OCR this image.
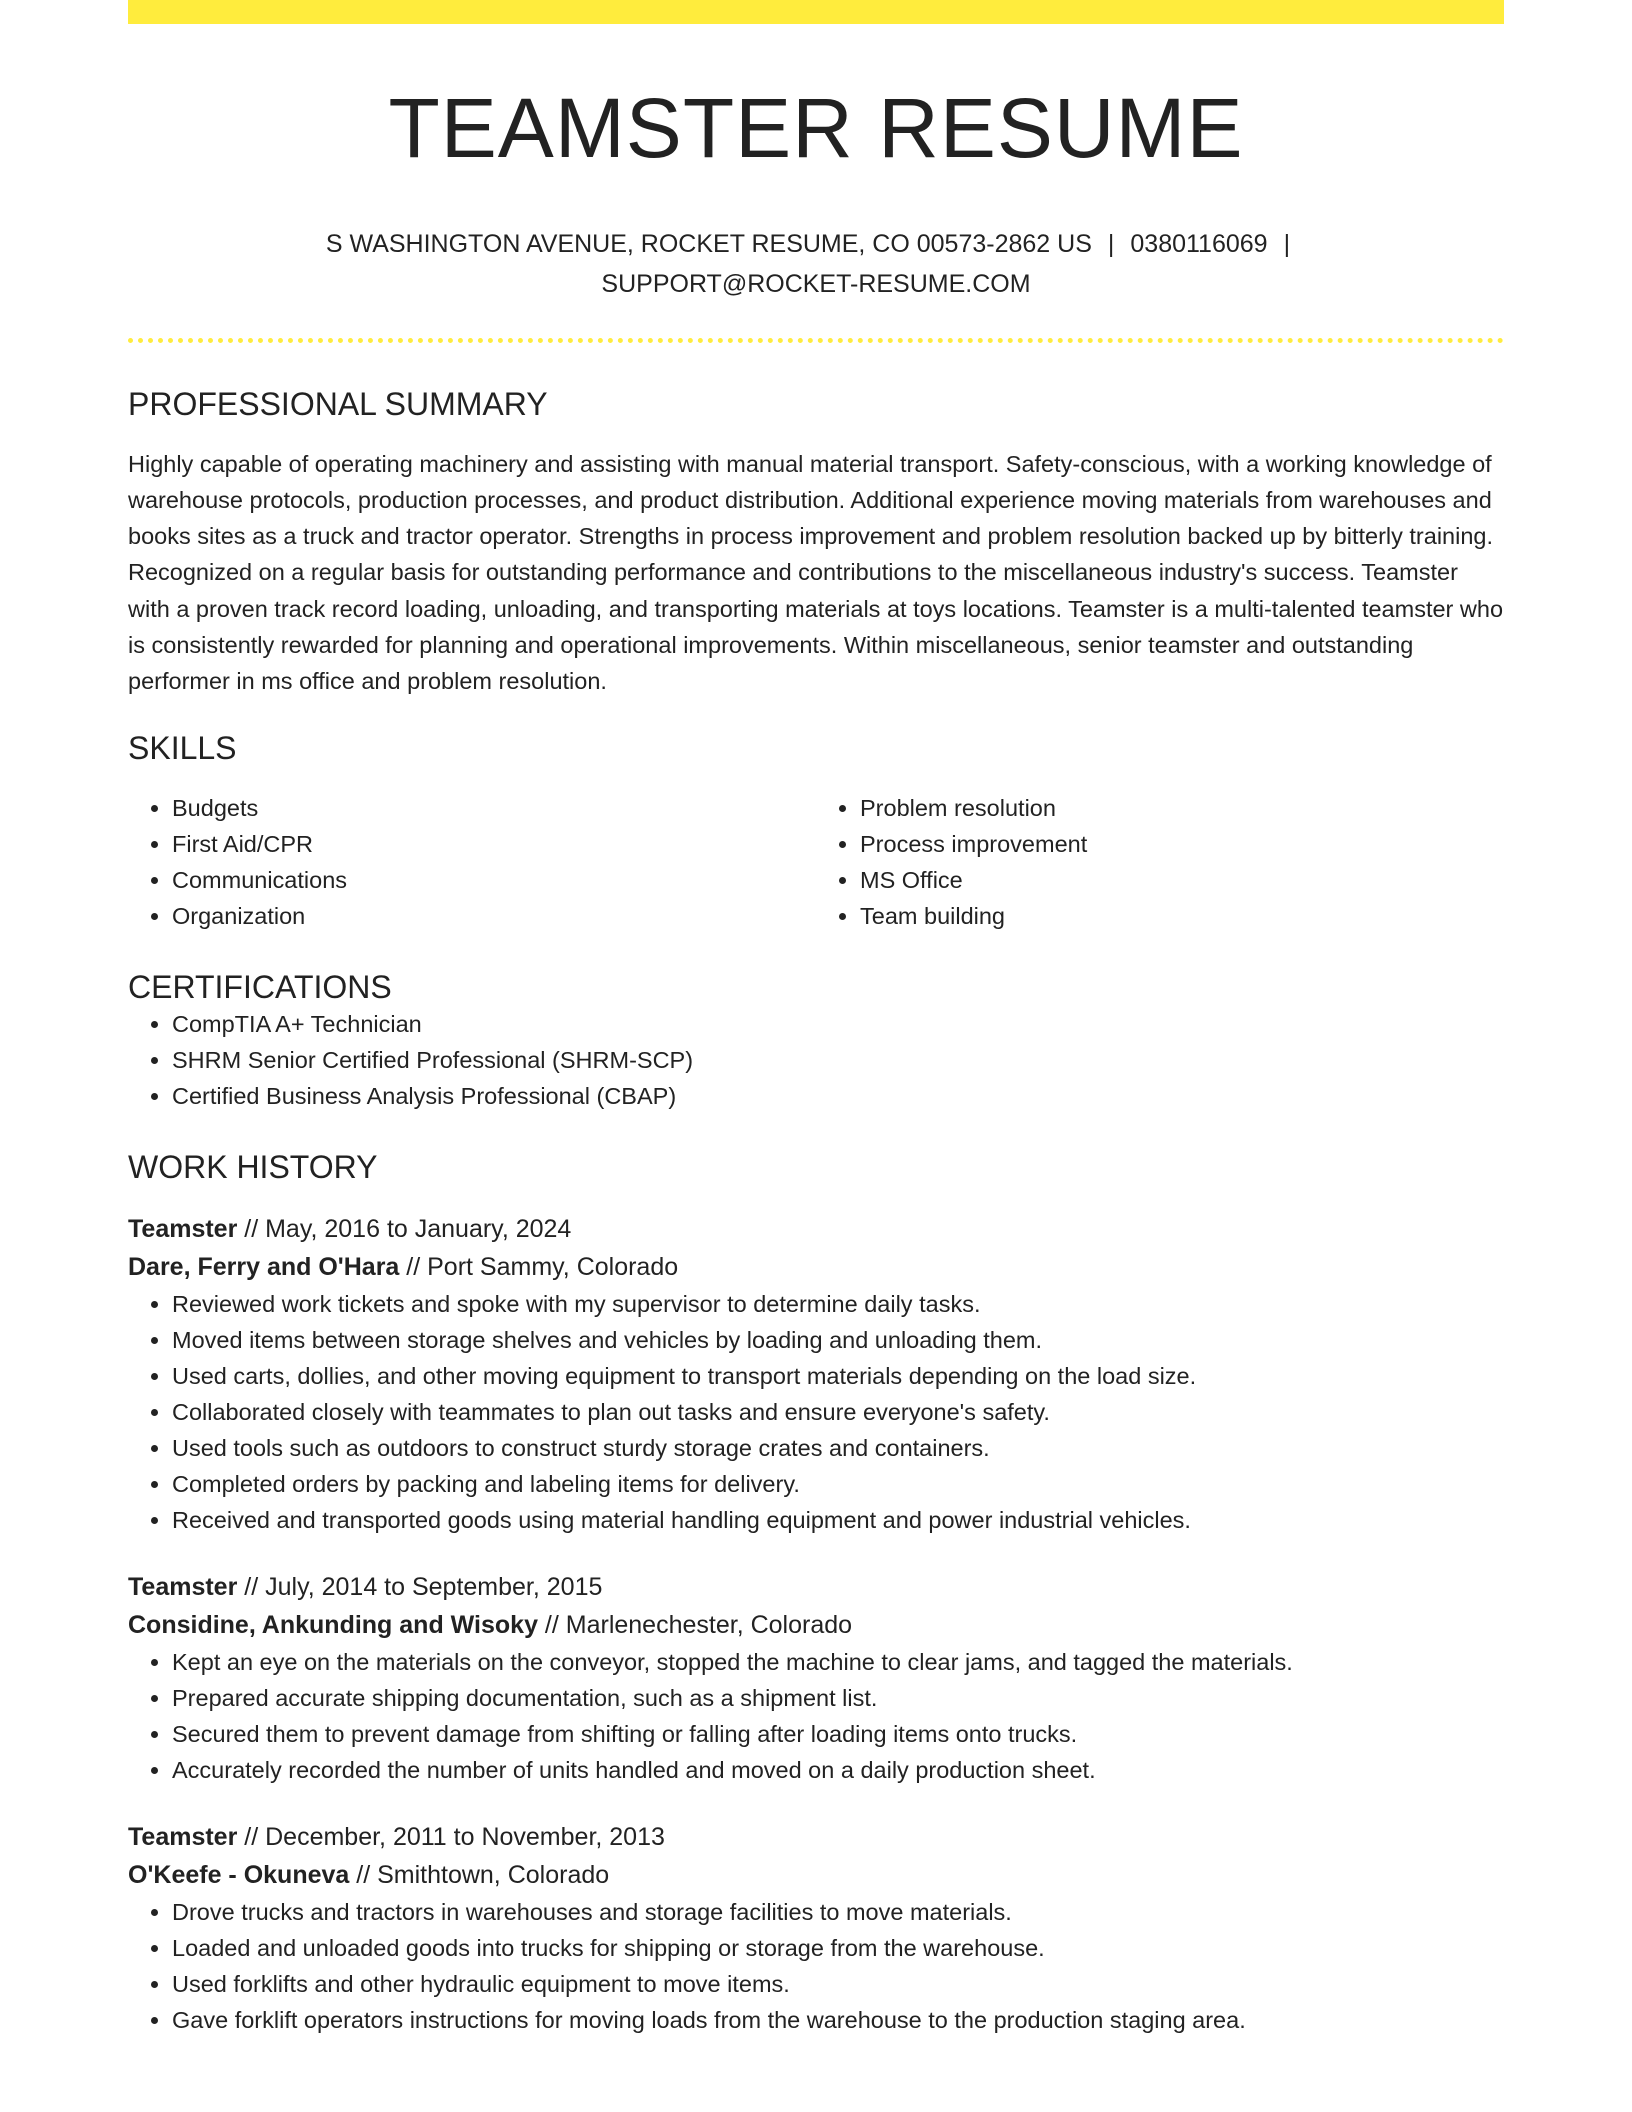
TEAMSTER RESUME
S WASHINGTON AVENUE, ROCKET RESUME, CO 00573-2862 US | 0380116069 |
SUPPORT@ROCKET-RESUME.COM
PROFESSIONAL SUMMARY
Highly capable of operating machinery and assisting with manual material transport. Safety-conscious, with a working knowledge of warehouse protocols, production processes, and product distribution. Additional experience moving materials from warehouses and books sites as a truck and tractor operator. Strengths in process improvement and problem resolution backed up by bitterly training. Recognized on a regular basis for outstanding performance and contributions to the miscellaneous industry's success. Teamster with a proven track record loading, unloading, and transporting materials at toys locations. Teamster is a multi-talented teamster who is consistently rewarded for planning and operational improvements. Within miscellaneous, senior teamster and outstanding performer in ms office and problem resolution.
SKILLS
• Budgets
• First Aid/CPR
• Communications
• Organization
• Problem resolution
• Process improvement
• MS Office
• Team building
CERTIFICATIONS
• CompTIA A+ Technician
• SHRM Senior Certified Professional (SHRM-SCP)
• Certified Business Analysis Professional (CBAP)
WORK HISTORY
Teamster // May, 2016 to January, 2024
Dare, Ferry and O'Hara // Port Sammy, Colorado
• Reviewed work tickets and spoke with my supervisor to determine daily tasks.
• Moved items between storage shelves and vehicles by loading and unloading them.
• Used carts, dollies, and other moving equipment to transport materials depending on the load size.
• Collaborated closely with teammates to plan out tasks and ensure everyone's safety.
• Used tools such as outdoors to construct sturdy storage crates and containers.
• Completed orders by packing and labeling items for delivery.
• Received and transported goods using material handling equipment and power industrial vehicles.
Teamster // July, 2014 to September, 2015
Considine, Ankunding and Wisoky // Marlenechester, Colorado
• Kept an eye on the materials on the conveyor, stopped the machine to clear jams, and tagged the materials.
• Prepared accurate shipping documentation, such as a shipment list.
• Secured them to prevent damage from shifting or falling after loading items onto trucks.
• Accurately recorded the number of units handled and moved on a daily production sheet.
Teamster // December, 2011 to November, 2013
O'Keefe - Okuneva // Smithtown, Colorado
• Drove trucks and tractors in warehouses and storage facilities to move materials.
• Loaded and unloaded goods into trucks for shipping or storage from the warehouse.
• Used forklifts and other hydraulic equipment to move items.
• Gave forklift operators instructions for moving loads from the warehouse to the production staging area.
